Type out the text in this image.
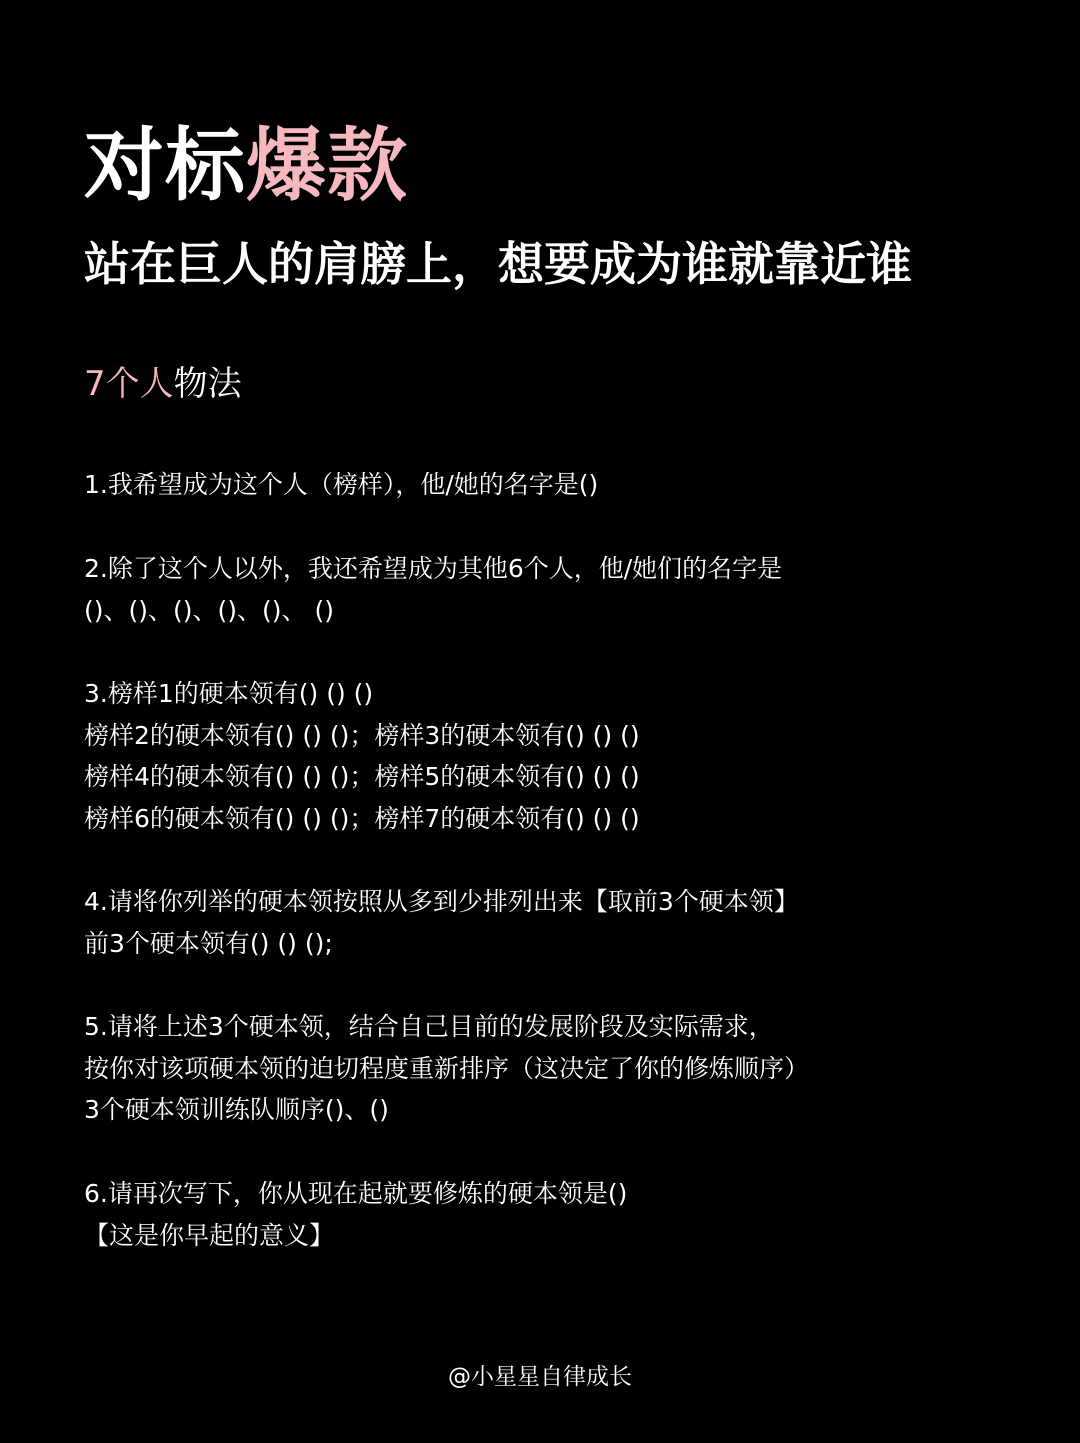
对标爆款
站在巨人的肩膀上，想要成为谁就靠近谁
7个人物法
1.我希望成为这个人（榜样），他/她的名字是()
2.除了这个人以外，我还希望成为其他6个人，他/她们的名字是
()、()、()、()、()、 ()
3.榜样1的硬本领有() () ()
榜样2的硬本领有() () ()；榜样3的硬本领有() () ()
榜样4的硬本领有() () ()；榜样5的硬本领有() () ()
榜样6的硬本领有() () ()；榜样7的硬本领有() () ()
4.请将你列举的硬本领按照从多到少排列出来【取前3个硬本领】
前3个硬本领有() () ();
5.请将上述3个硬本领，结合自己目前的发展阶段及实际需求，
按你对该项硬本领的迫切程度重新排序（这决定了你的修炼顺序）
3个硬本领训练队顺序()、()
6.请再次写下，你从现在起就要修炼的硬本领是()
【这是你早起的意义】
@小星星自律成长
